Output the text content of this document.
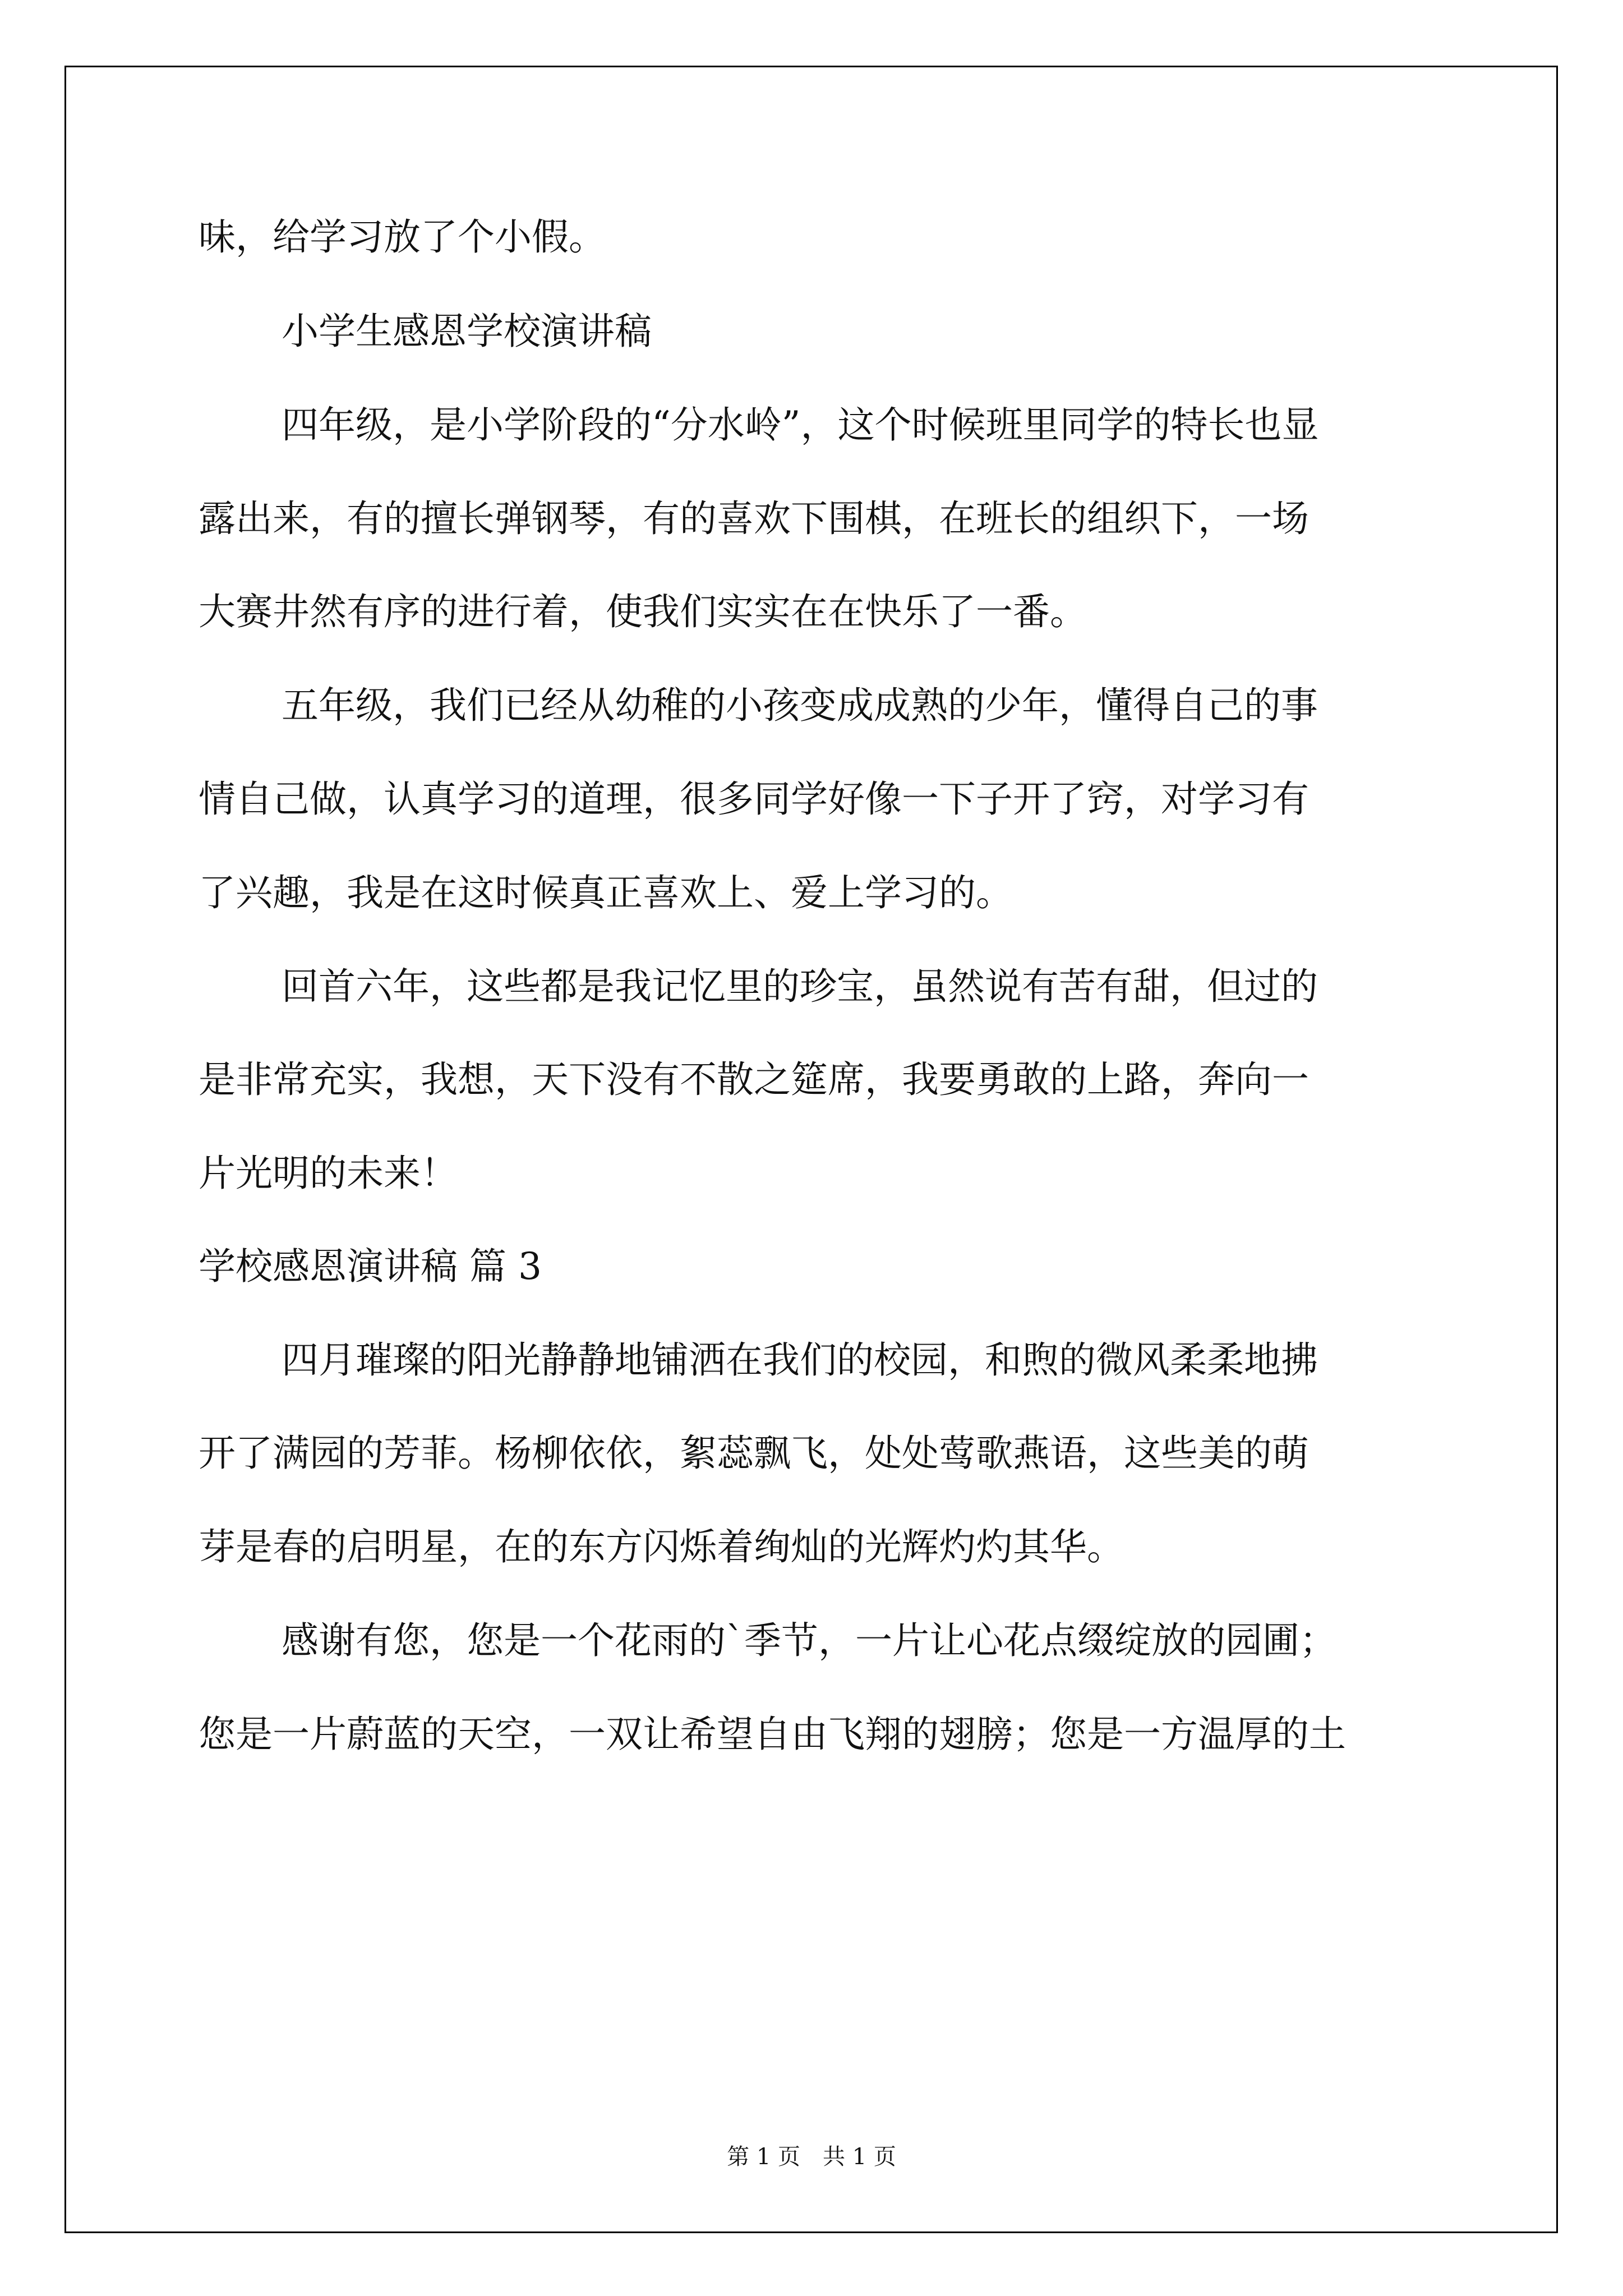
味，给学习放了个小假。
小学生感恩学校演讲稿
四年级，是小学阶段的“分水岭”，这个时候班里同学的特长也显
露出来，有的擅长弹钢琴，有的喜欢下围棋，在班长的组织下，一场
大赛井然有序的进行着，使我们实实在在快乐了一番。
五年级，我们已经从幼稚的小孩变成成熟的少年，懂得自己的事
情自己做，认真学习的道理，很多同学好像一下子开了窍，对学习有
了兴趣，我是在这时候真正喜欢上、爱上学习的。
回首六年，这些都是我记忆里的珍宝，虽然说有苦有甜，但过的
是非常充实，我想，天下没有不散之筵席，我要勇敢的上路，奔向一
片光明的未来！
学校感恩演讲稿 篇 3
四月璀璨的阳光静静地铺洒在我们的校园，和煦的微风柔柔地拂
开了满园的芳菲。杨柳依依，絮蕊飘飞，处处莺歌燕语，这些美的萌
芽是春的启明星，在的东方闪烁着绚灿的光辉灼灼其华。
感谢有您，您是一个花雨的`季节，一片让心花点缀绽放的园圃；
您是一片蔚蓝的天空，一双让希望自由飞翔的翅膀；您是一方温厚的土
第 1 页　共 1 页
